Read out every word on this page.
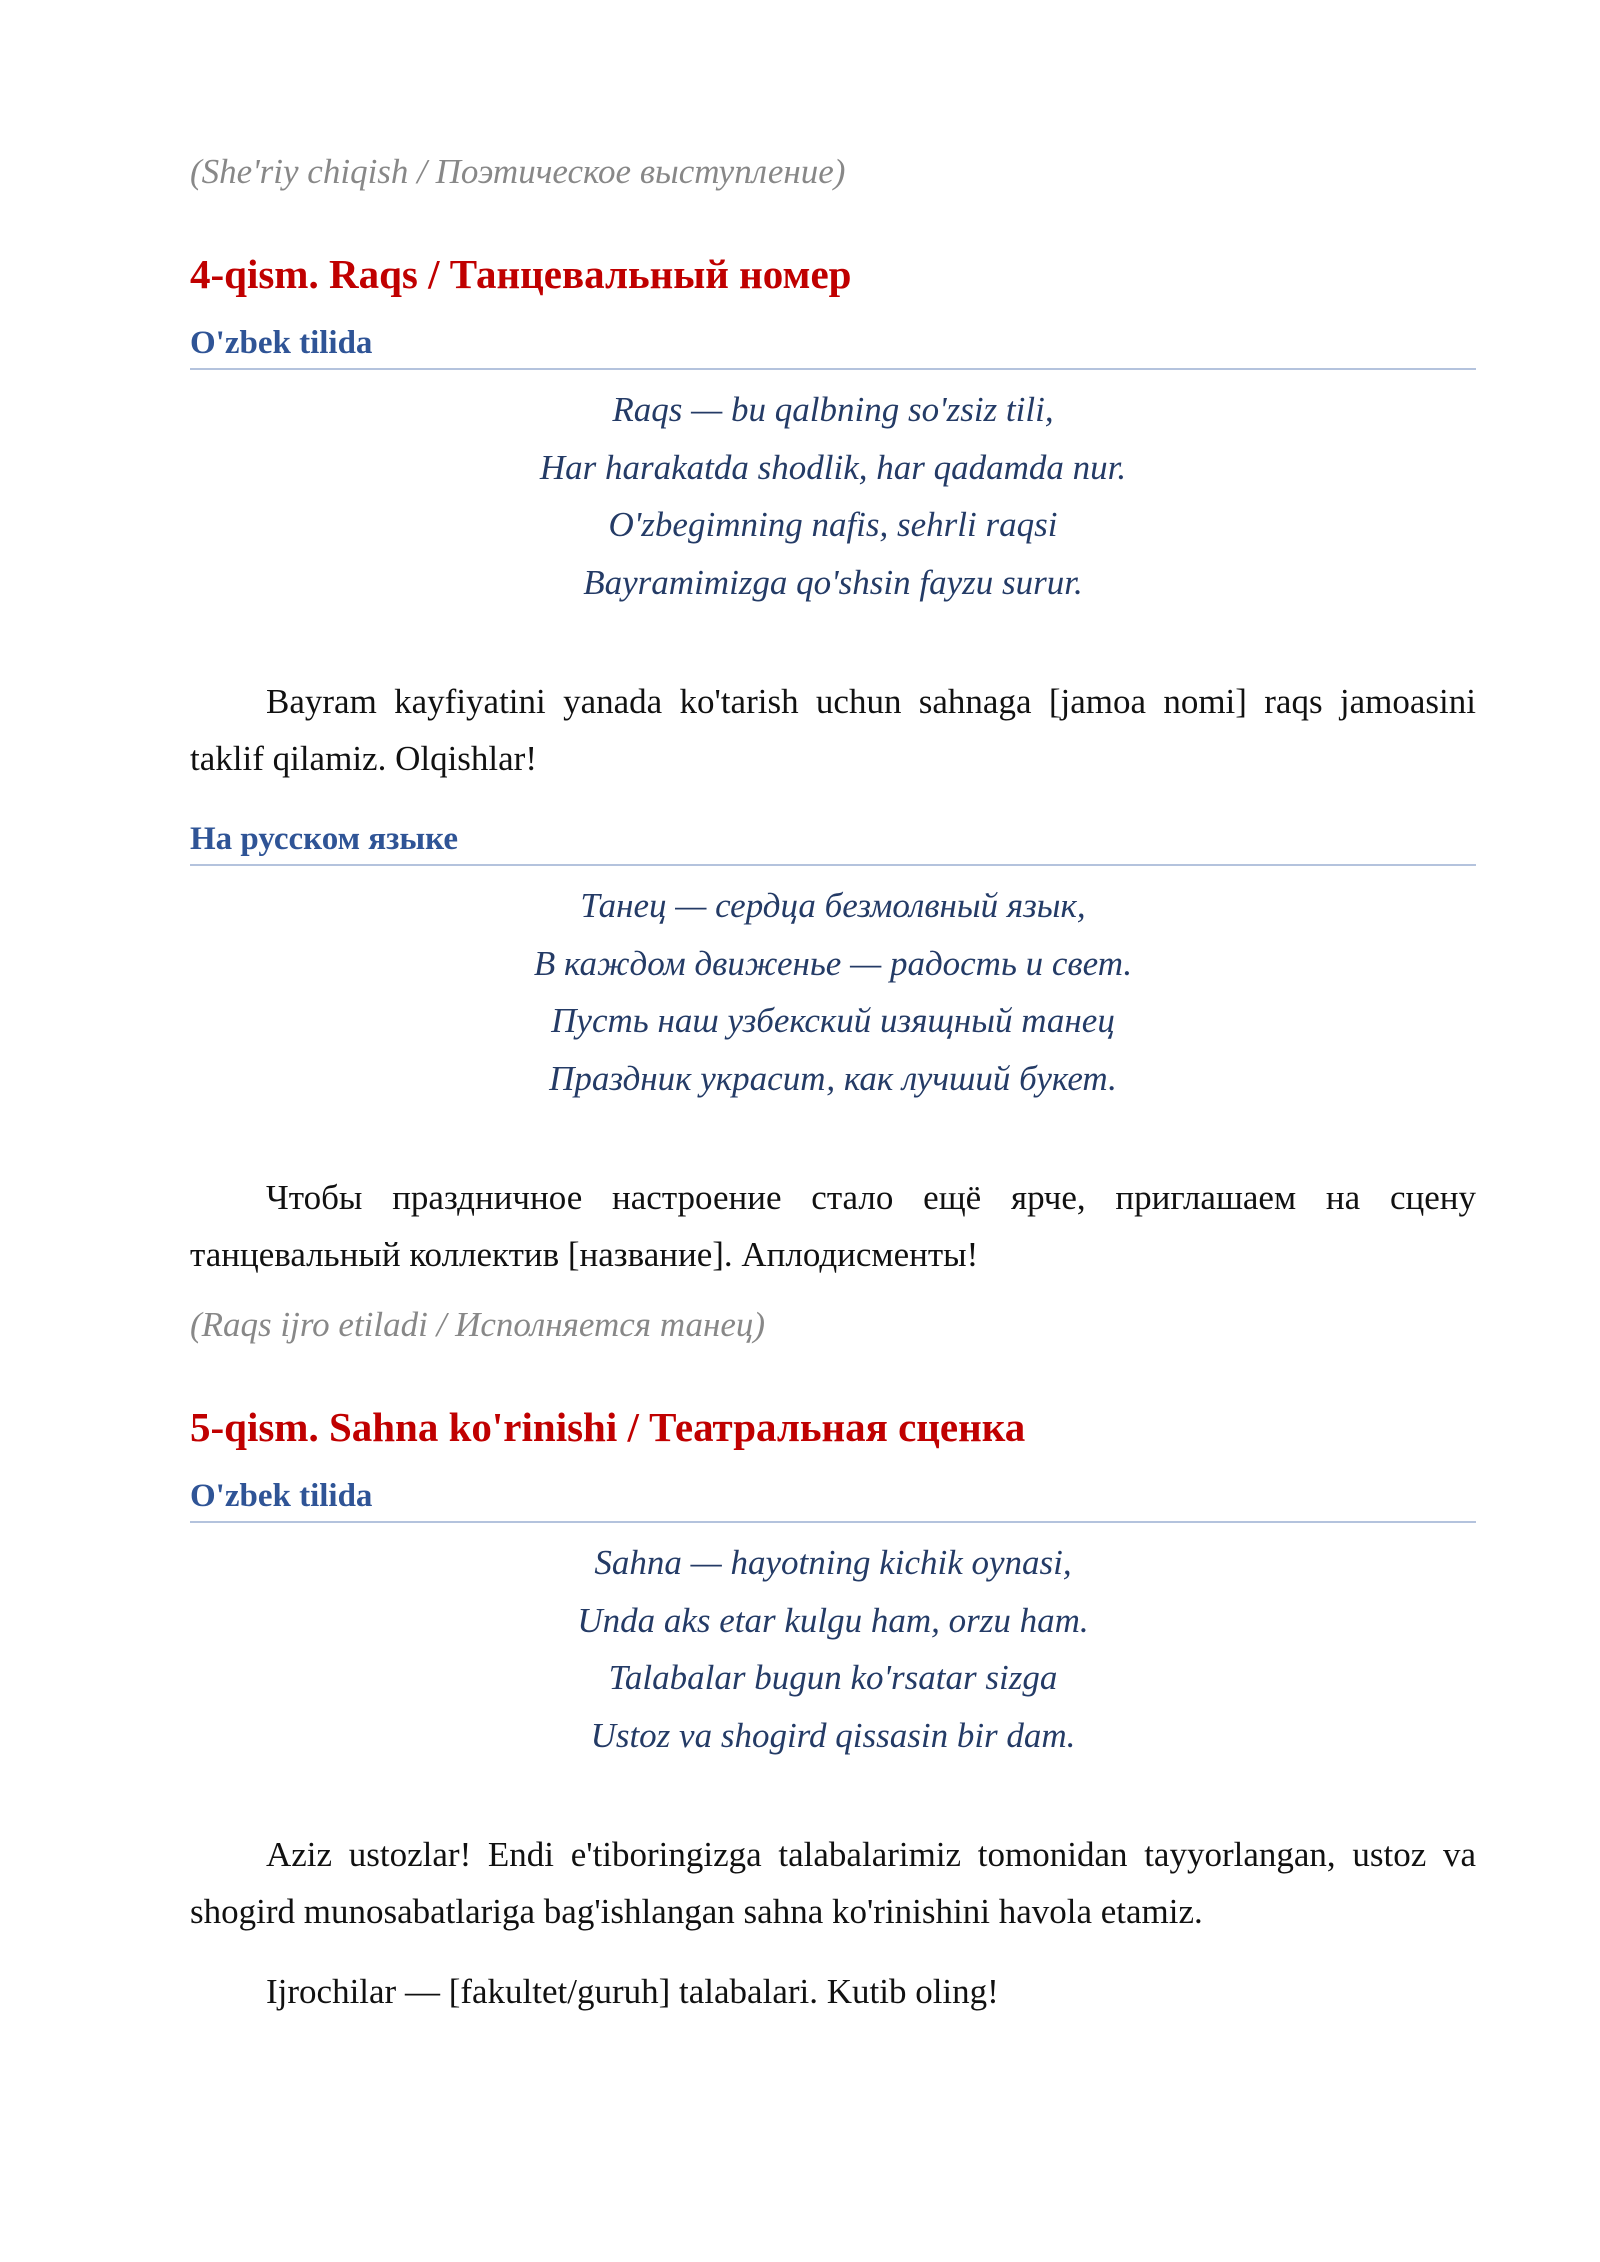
(She'riy chiqish / Поэтическое выступление)
4-qism. Raqs / Танцевальный номер
O'zbek tilida
Raqs — bu qalbning so'zsiz tili,
Har harakatda shodlik, har qadamda nur.
O'zbegimning nafis, sehrli raqsi
Bayramimizga qo'shsin fayzu surur.
Bayram kayfiyatini yanada ko'tarish uchun sahnaga [jamoa nomi] raqs jamoasini taklif qilamiz. Olqishlar!
На русском языке
Танец — сердца безмолвный язык,
В каждом движенье — радость и свет.
Пусть наш узбекский изящный танец
Праздник украсит, как лучший букет.
Чтобы праздничное настроение стало ещё ярче, приглашаем на сцену танцевальный коллектив [название]. Аплодисменты!
(Raqs ijro etiladi / Исполняется танец)
5-qism. Sahna ko'rinishi / Театральная сценка
O'zbek tilida
Sahna — hayotning kichik oynasi,
Unda aks etar kulgu ham, orzu ham.
Talabalar bugun ko'rsatar sizga
Ustoz va shogird qissasin bir dam.
Aziz ustozlar! Endi e'tiboringizga talabalarimiz tomonidan tayyorlangan, ustoz va shogird munosabatlariga bag'ishlangan sahna ko'rinishini havola etamiz.
Ijrochilar — [fakultet/guruh] talabalari. Kutib oling!
